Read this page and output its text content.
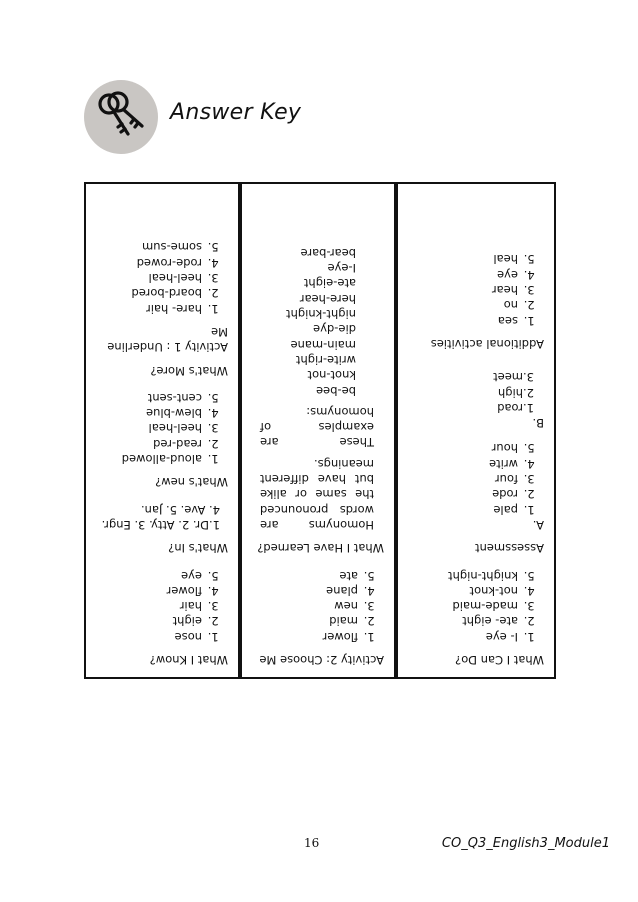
Answer Key
What I Know?
1. nose
2. eight
3. hair
4. flower
5. eye
What's In?

1.Dr. 2. Atty. 3. Engr.

4. Ave. 5. Jan.

What's new?
1. aloud-allowed
2. read-red
3. heel-heal
4. blew-blue
5. cent-sent
What's More?
Activity 1 : Underline Me
1. hare- hair
2. board-bored
3. heel-heal
4. rode-rowed
5. some-sum
Activity 2: Choose Me
1. flower
2. maid
3. new
4. plane
5. ate
What I Have Learned?

Homonyms are words pronounced the same or alike but have different meanings.

These are examples of homonyms:

be-bee
knot-not
write-right
main-mane
die-dye
night-knight
here-hear
ate-eight
I-eye
bear-bare
What I Can Do?
1. I- eye
2. ate- eight
3. made-maid
4. not-knot
5. knight-night
Assessment

A.

1. pale
2. rode
3. four
4. write
5. hour

B.

1.road
2.high
3.meet
Additional activities
1. sea
2. no
3. hear
4. eye
5. heal
16	CO_Q3_English3_Module1
